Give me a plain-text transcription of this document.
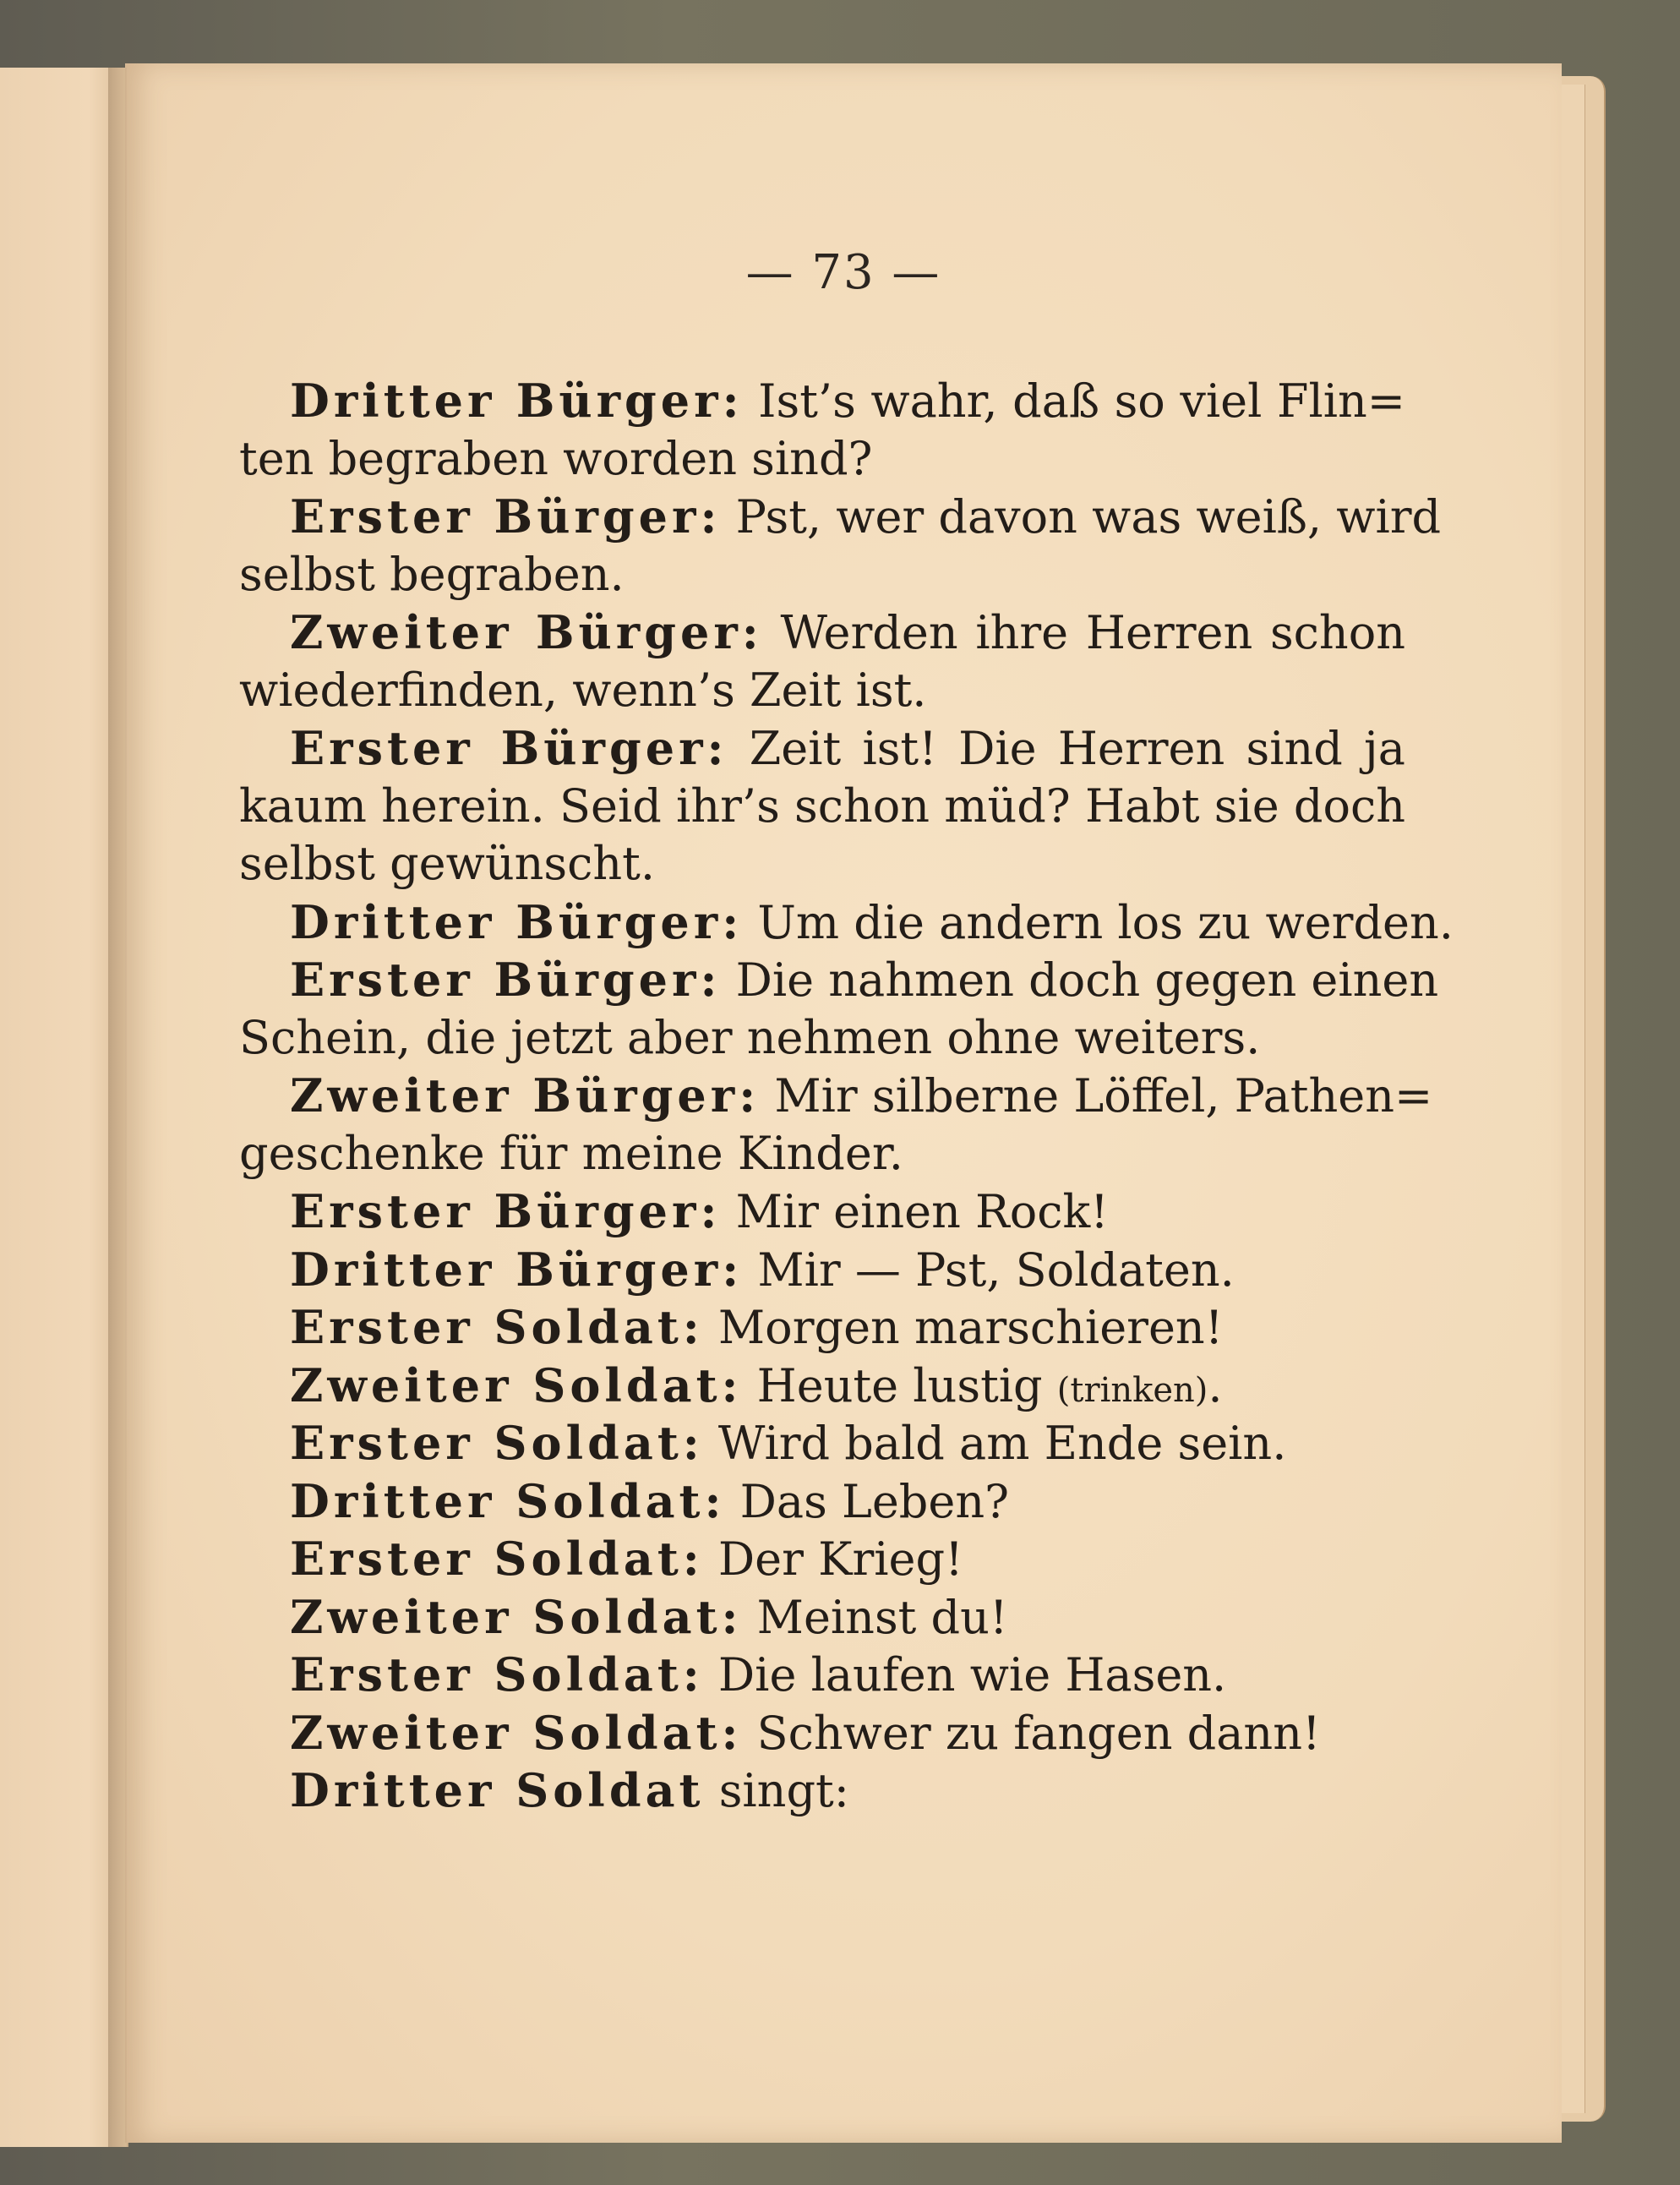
— 73 —
Dritter Bürger: Ist’s wahr, daß so viel Flin=
ten begraben worden sind?
Erster Bürger: Pst, wer davon was weiß, wird
selbst begraben.
Zweiter Bürger: Werden ihre Herren schon
wiederfinden, wenn’s Zeit ist.
Erster Bürger: Zeit ist! Die Herren sind ja
kaum herein. Seid ihr’s schon müd? Habt sie doch
selbst gewünscht.
Dritter Bürger: Um die andern los zu werden.
Erster Bürger: Die nahmen doch gegen einen
Schein, die jetzt aber nehmen ohne weiters.
Zweiter Bürger: Mir silberne Löffel, Pathen=
geschenke für meine Kinder.
Erster Bürger: Mir einen Rock!
Dritter Bürger: Mir — Pst, Soldaten.
Erster Soldat: Morgen marschieren!
Zweiter Soldat: Heute lustig (trinken).
Erster Soldat: Wird bald am Ende sein.
Dritter Soldat: Das Leben?
Erster Soldat: Der Krieg!
Zweiter Soldat: Meinst du!
Erster Soldat: Die laufen wie Hasen.
Zweiter Soldat: Schwer zu fangen dann!
Dritter Soldat singt:
